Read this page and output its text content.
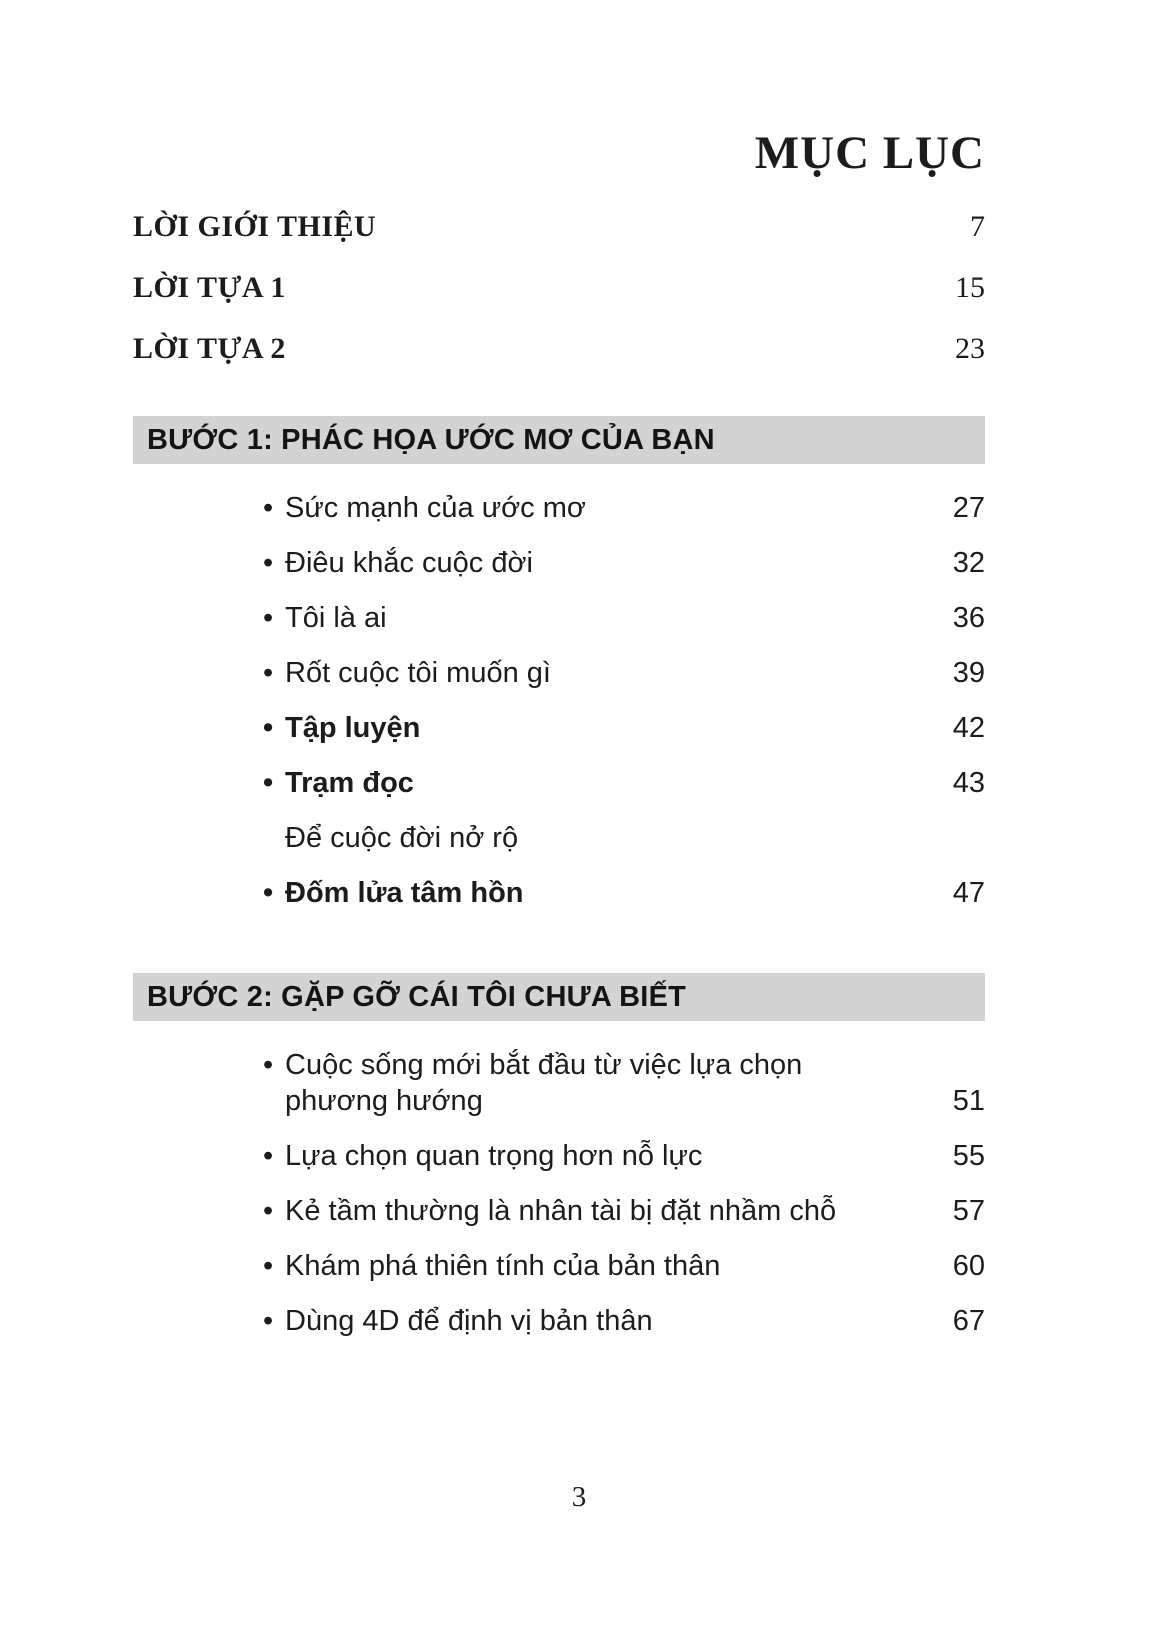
MỤC LỤC
LỜI GIỚI THIỆU	7
LỜI TỰA 1	15
LỜI TỰA 2	23
BƯỚC 1: PHÁC HỌA ƯỚC MƠ CỦA BẠN
• Sức mạnh của ước mơ	27
• Điêu khắc cuộc đời	32
• Tôi là ai	36
• Rốt cuộc tôi muốn gì	39
• Tập luyện	42
• Trạm đọc	43
Để cuộc đời nở rộ
• Đốm lửa tâm hồn	47
BƯỚC 2: GẶP GỠ CÁI TÔI CHƯA BIẾT
• Cuộc sống mới bắt đầu từ việc lựa chọn phương hướng	51
• Lựa chọn quan trọng hơn nỗ lực	55
• Kẻ tầm thường là nhân tài bị đặt nhầm chỗ	57
• Khám phá thiên tính của bản thân	60
• Dùng 4D để định vị bản thân	67
3
